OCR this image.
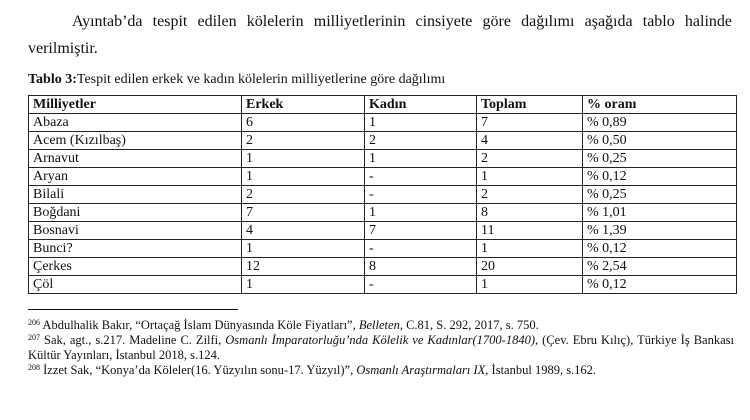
Ayıntab’da tespit edilen kölelerin milliyetlerinin cinsiyete göre dağılımı aşağıda tablo halinde verilmiştir.

Tablo 3:Tespit edilen erkek ve kadın kölelerin milliyetlerine göre dağılımı
Milliyetler	Erkek	Kadın	Toplam	% oranı
Abaza	6	1	7	% 0,89
Acem (Kızılbaş)	2	2	4	% 0,50
Arnavut	1	1	2	% 0,25
Aryan	1	-	1	% 0,12
Bilali	2	-	2	% 0,25
Boğdani	7	1	8	% 1,01
Bosnavi	4	7	11	% 1,39
Bunci?	1	-	1	% 0,12
Çerkes	12	8	20	% 2,54
Çöl	1	-	1	% 0,12
$^{206}$ Abdulhalik Bakır, “Ortaçağ İslam Dünyasında Köle Fiyatları”, Belleten, C.81, S. 292, 2017, s. 750.
$^{207}$ Sak, agt., s.217. Madeline C. Zilfi, Osmanlı İmparatorluğu’nda Kölelik ve Kadınlar(1700-1840), (Çev. Ebru Kılıç), Türkiye İş Bankası Kültür Yayınları, İstanbul 2018, s.124.
$^{208}$ İzzet Sak, “Konya’da Köleler(16. Yüzyılın sonu-17. Yüzyıl)”, Osmanlı Araştırmaları IX, İstanbul 1989, s.162.
